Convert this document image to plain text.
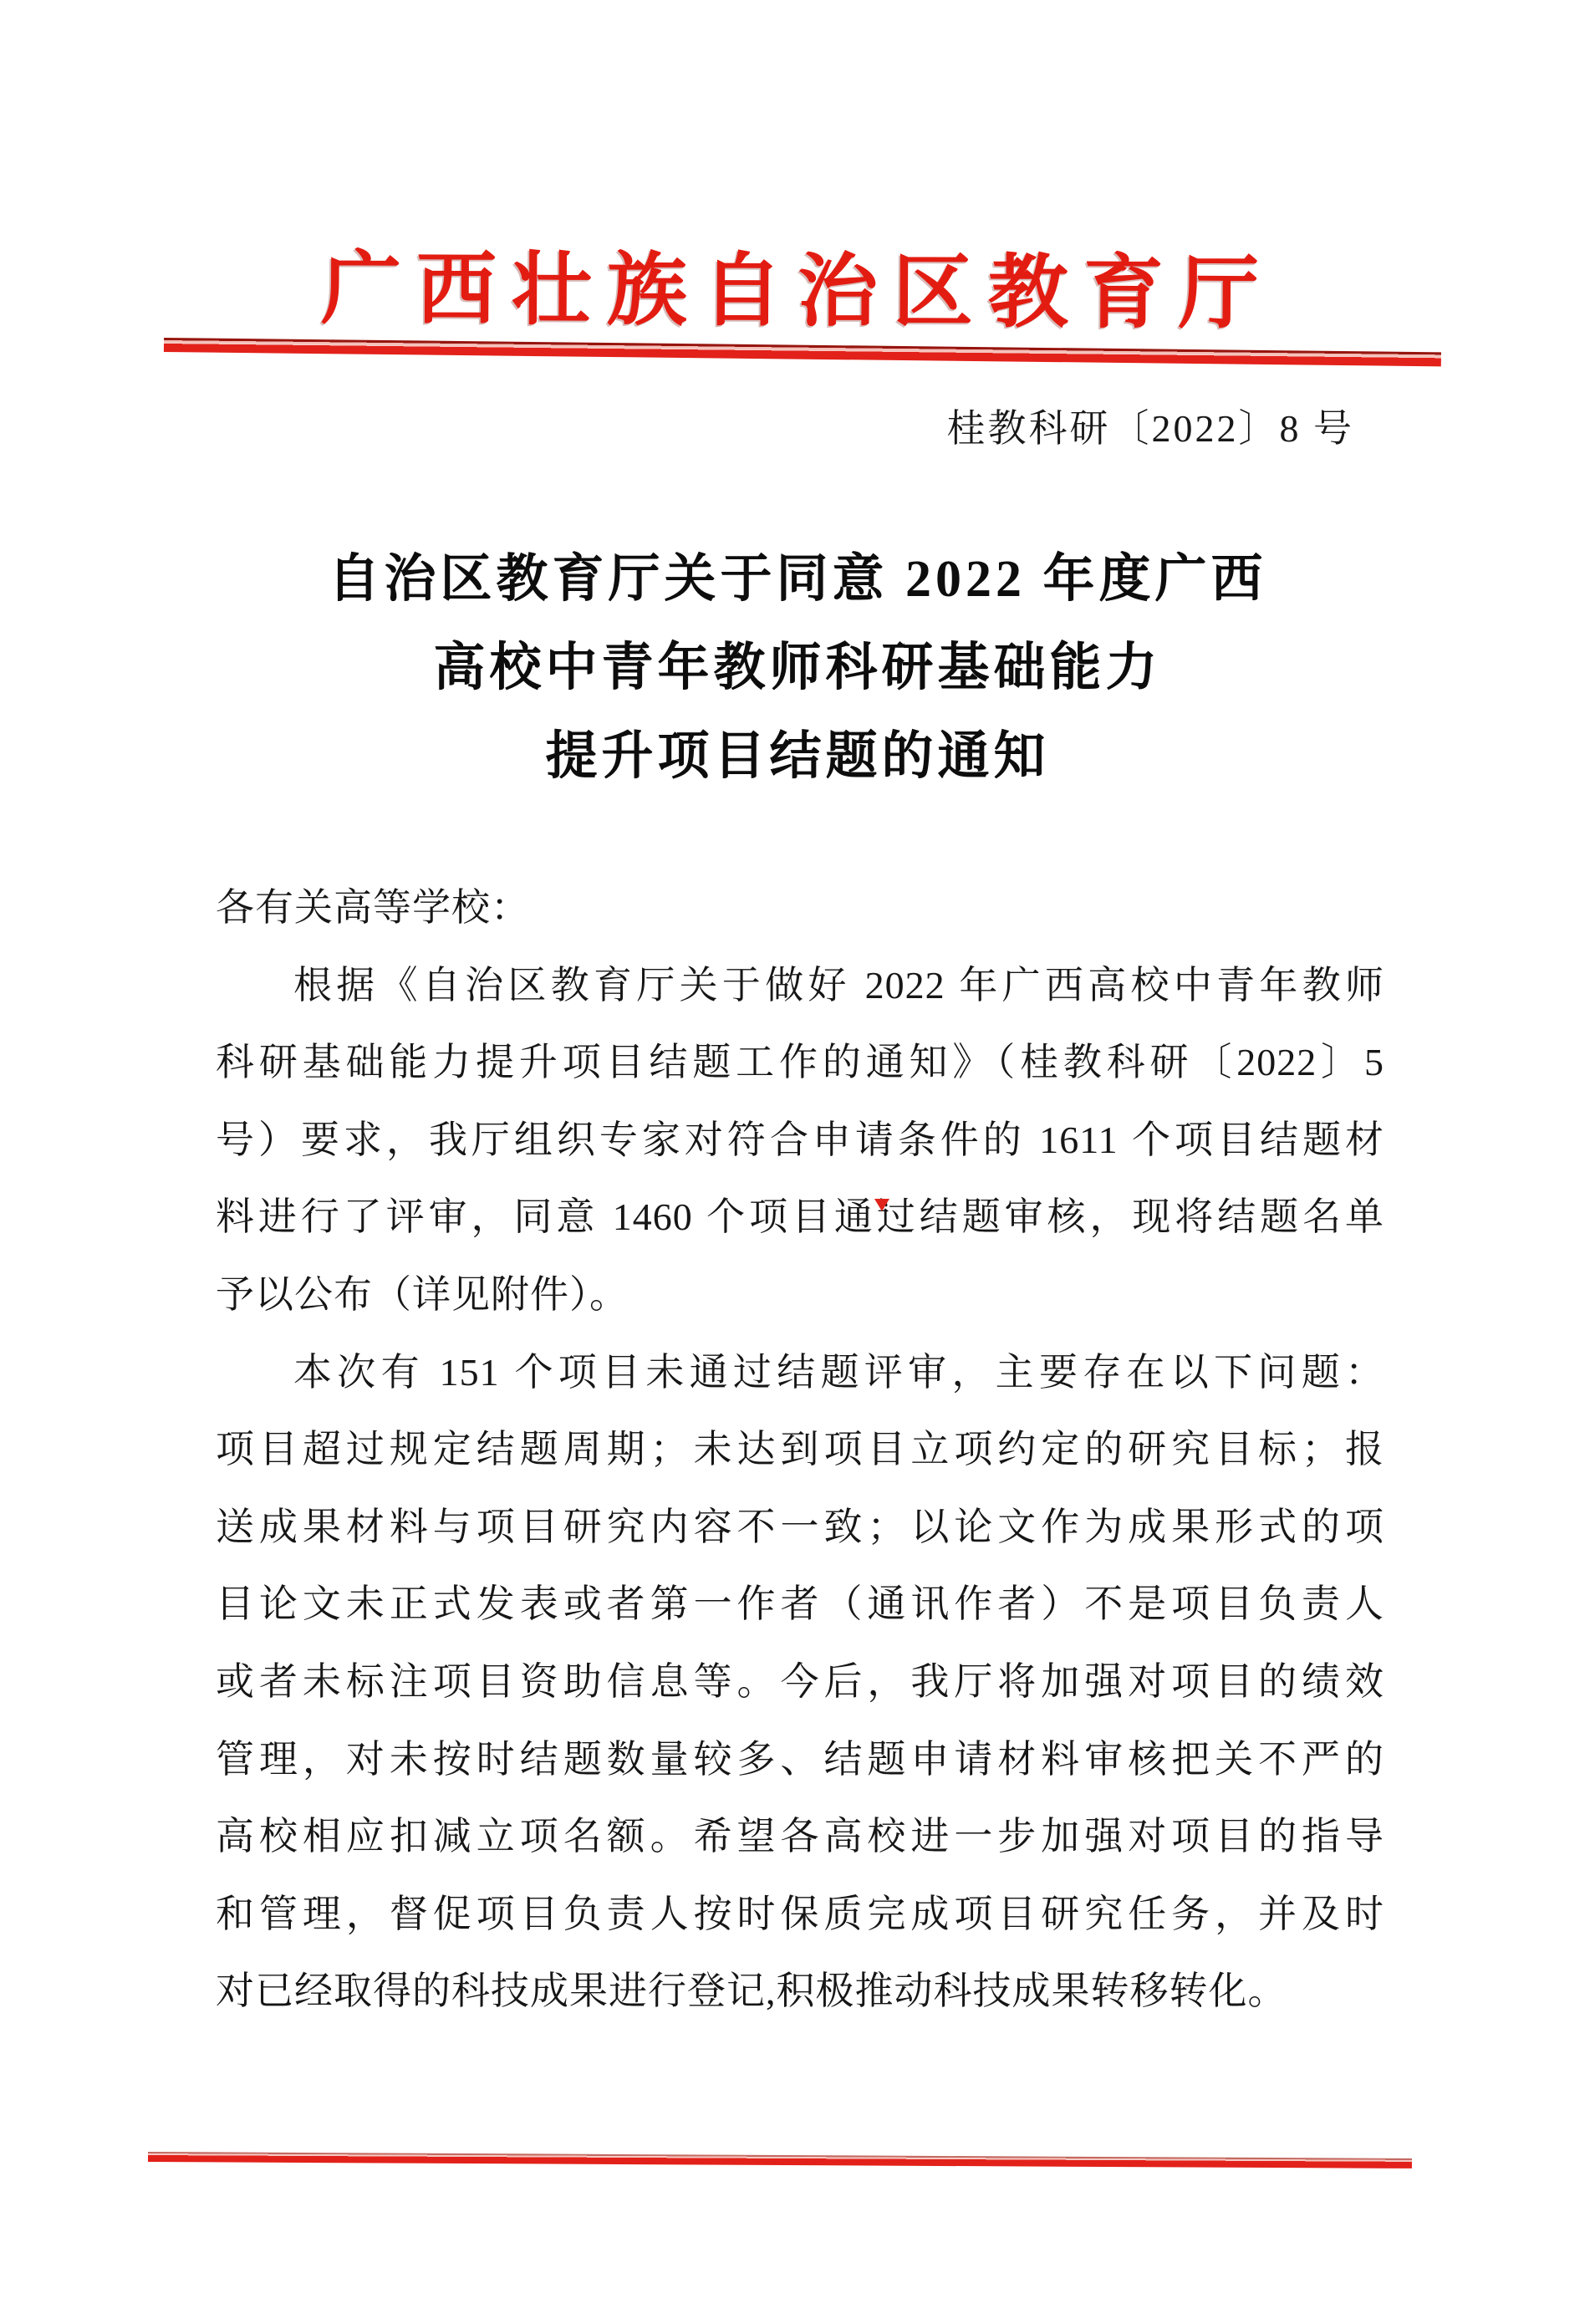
广西壮族自治区教育厅
桂教科研〔2022〕8 号
自治区教育厅关于同意 2022 年度广西
高校中青年教师科研基础能力
提升项目结题的通知
各有关高等学校：
根据《自治区教育厅关于做好 2022 年广西高校中青年教师
科研基础能力提升项目结题工作的通知》（桂教科研〔2022〕5
号）要求，我厅组织专家对符合申请条件的 1611 个项目结题材
料进行了评审，同意 1460 个项目通过结题审核，现将结题名单
予以公布（详见附件）。
本次有 151 个项目未通过结题评审，主要存在以下问题：
项目超过规定结题周期；未达到项目立项约定的研究目标；报
送成果材料与项目研究内容不一致；以论文作为成果形式的项
目论文未正式发表或者第一作者（通讯作者）不是项目负责人
或者未标注项目资助信息等。今后，我厅将加强对项目的绩效
管理，对未按时结题数量较多、结题申请材料审核把关不严的
高校相应扣减立项名额。希望各高校进一步加强对项目的指导
和管理，督促项目负责人按时保质完成项目研究任务，并及时
对已经取得的科技成果进行登记,积极推动科技成果转移转化。
